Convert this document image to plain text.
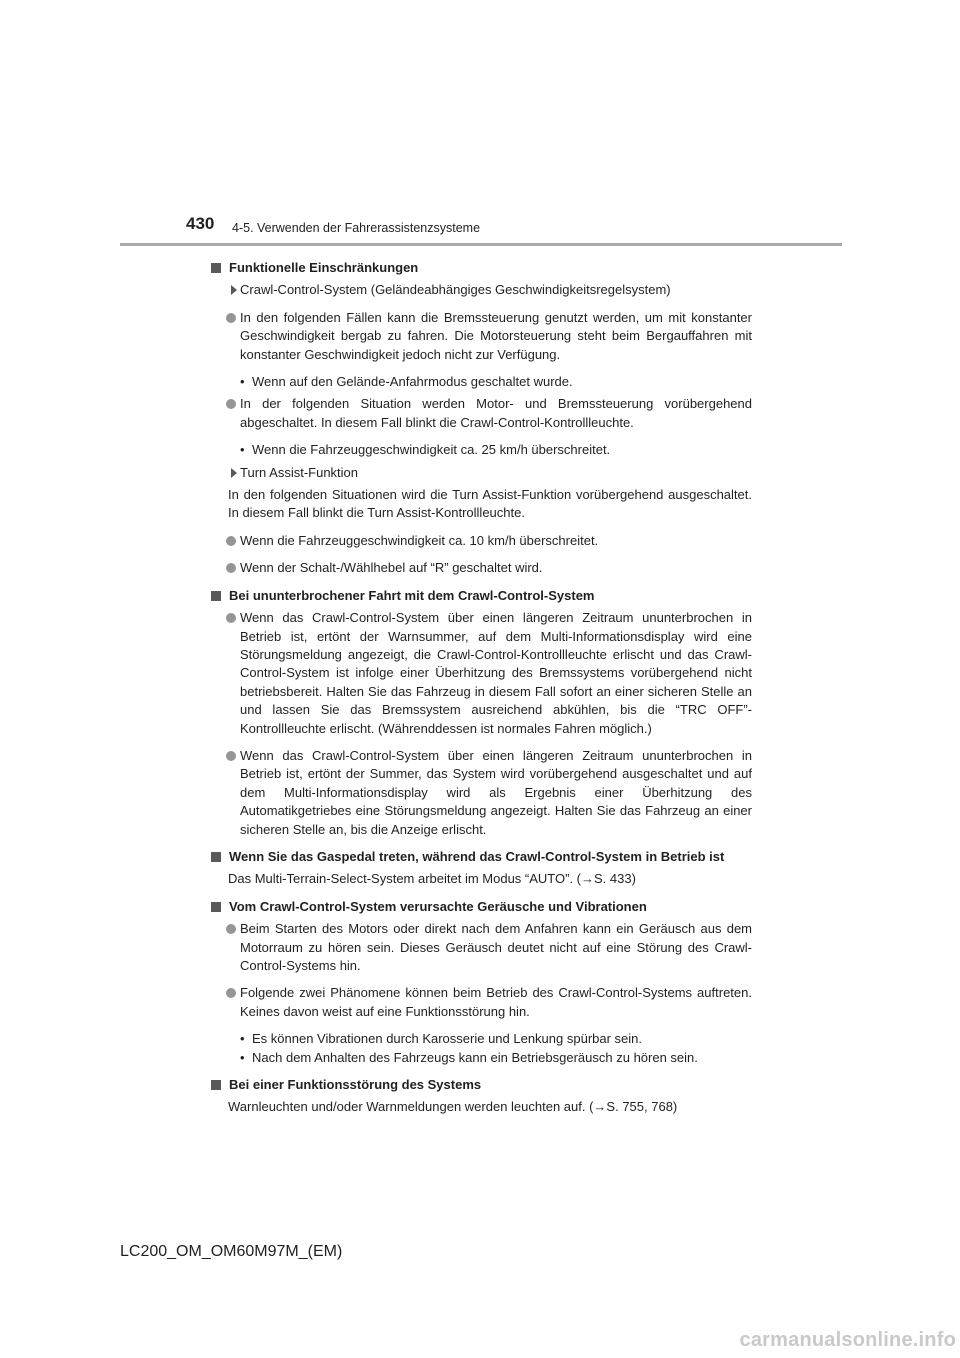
430 4-5. Verwenden der Fahrerassistenzsysteme
Funktionelle Einschränkungen
Crawl-Control-System (Geländeabhängiges Geschwindigkeitsregelsystem)
In den folgenden Fällen kann die Bremssteuerung genutzt werden, um mit konstanter Geschwindigkeit bergab zu fahren. Die Motorsteuerung steht beim Bergauffahren mit konstanter Geschwindigkeit jedoch nicht zur Verfügung.
• Wenn auf den Gelände-Anfahrmodus geschaltet wurde.
In der folgenden Situation werden Motor- und Bremssteuerung vorübergehend abgeschaltet. In diesem Fall blinkt die Crawl-Control-Kontrollleuchte.
• Wenn die Fahrzeuggeschwindigkeit ca. 25 km/h überschreitet.
Turn Assist-Funktion
In den folgenden Situationen wird die Turn Assist-Funktion vorübergehend ausgeschaltet. In diesem Fall blinkt die Turn Assist-Kontrollleuchte.
Wenn die Fahrzeuggeschwindigkeit ca. 10 km/h überschreitet.
Wenn der Schalt-/Wählhebel auf “R” geschaltet wird.
Bei ununterbrochener Fahrt mit dem Crawl-Control-System
Wenn das Crawl-Control-System über einen längeren Zeitraum ununterbrochen in Betrieb ist, ertönt der Warnsummer, auf dem Multi-Informationsdisplay wird eine Störungsmeldung angezeigt, die Crawl-Control-Kontrollleuchte erlischt und das Crawl-Control-System ist infolge einer Überhitzung des Bremssystems vorübergehend nicht betriebsbereit. Halten Sie das Fahrzeug in diesem Fall sofort an einer sicheren Stelle an und lassen Sie das Bremssystem ausreichend abkühlen, bis die “TRC OFF”-Kontrollleuchte erlischt. (Währenddessen ist normales Fahren möglich.)
Wenn das Crawl-Control-System über einen längeren Zeitraum ununterbrochen in Betrieb ist, ertönt der Summer, das System wird vorübergehend ausgeschaltet und auf dem Multi-Informationsdisplay wird als Ergebnis einer Überhitzung des Automatikgetriebes eine Störungsmeldung angezeigt. Halten Sie das Fahrzeug an einer sicheren Stelle an, bis die Anzeige erlischt.
Wenn Sie das Gaspedal treten, während das Crawl-Control-System in Betrieb ist
Das Multi-Terrain-Select-System arbeitet im Modus “AUTO”. (→S. 433)
Vom Crawl-Control-System verursachte Geräusche und Vibrationen
Beim Starten des Motors oder direkt nach dem Anfahren kann ein Geräusch aus dem Motorraum zu hören sein. Dieses Geräusch deutet nicht auf eine Störung des Crawl-Control-Systems hin.
Folgende zwei Phänomene können beim Betrieb des Crawl-Control-Systems auftreten. Keines davon weist auf eine Funktionsstörung hin.
• Es können Vibrationen durch Karosserie und Lenkung spürbar sein.
• Nach dem Anhalten des Fahrzeugs kann ein Betriebsgeräusch zu hören sein.
Bei einer Funktionsstörung des Systems
Warnleuchten und/oder Warnmeldungen werden leuchten auf. (→S. 755, 768)
LC200_OM_OM60M97M_(EM)
carmanualsonline.info
